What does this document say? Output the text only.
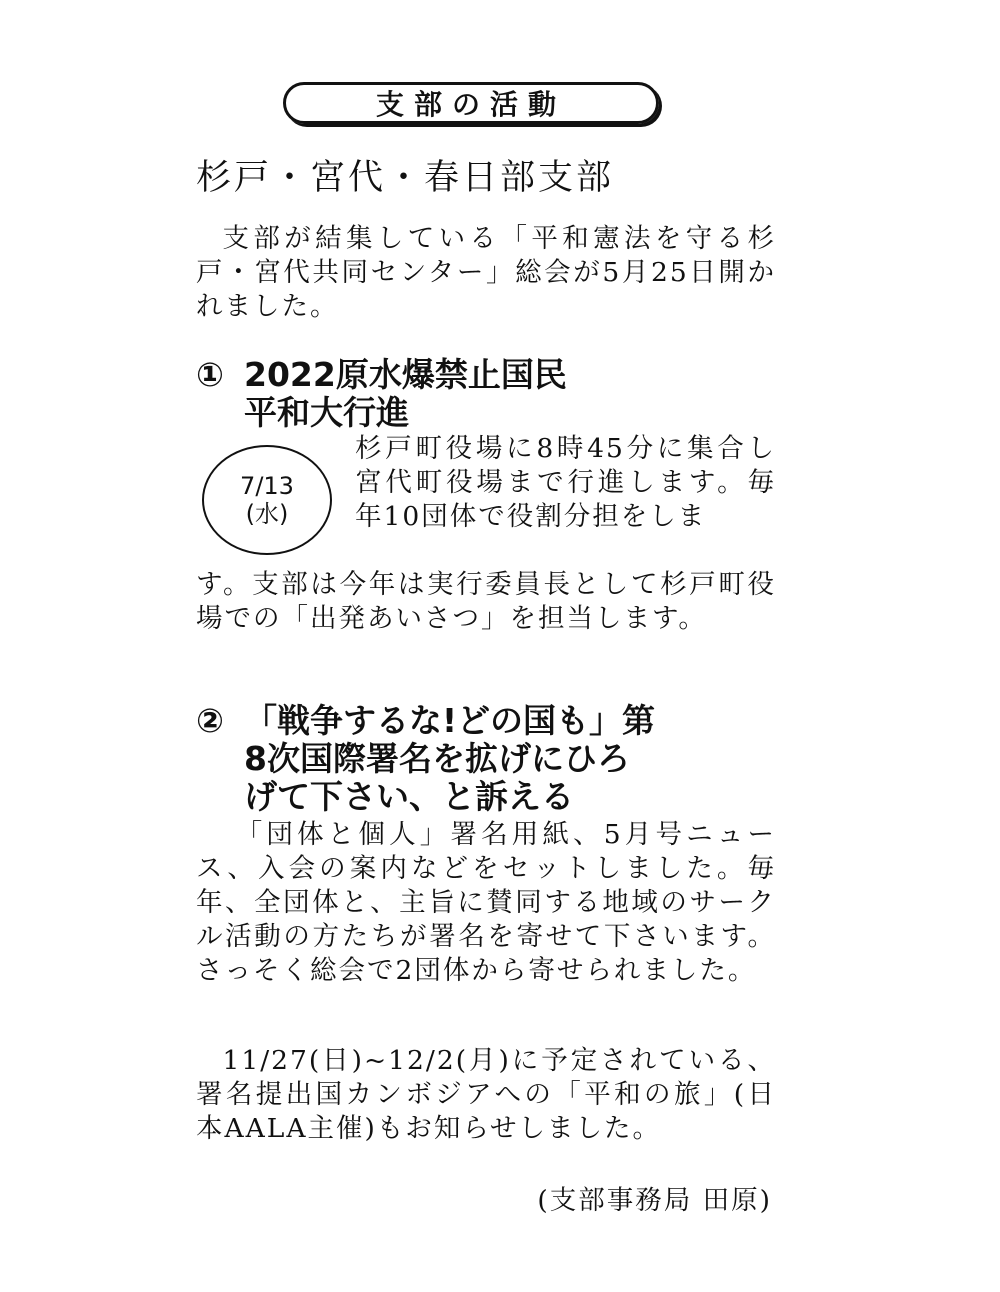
支部の活動
杉戸・宮代・春日部支部
支部が結集している「平和憲法を守る杉戸・宮代共同センター」総会が5月25日開かれました。
① 2022原水爆禁止国民
平和大行進
7/13
(水)
杉戸町役場に8時45分に集合し宮代町役場まで行進します。毎年10団体で役割分担をしま
す。支部は今年は実行委員長として杉戸町役場での「出発あいさつ」を担当します。
② 「戦争するな!どの国も」第
8次国際署名を拡げにひろ
げて下さい、と訴える
「団体と個人」署名用紙、5月号ニュース、入会の案内などをセットしました。毎年、全団体と、主旨に賛同する地域のサークル活動の方たちが署名を寄せて下さいます。さっそく総会で2団体から寄せられました。
11/27(日)~12/2(月)に予定されている、署名提出国カンボジアへの「平和の旅」(日本AALA主催)もお知らせしました。
(支部事務局 田原)
